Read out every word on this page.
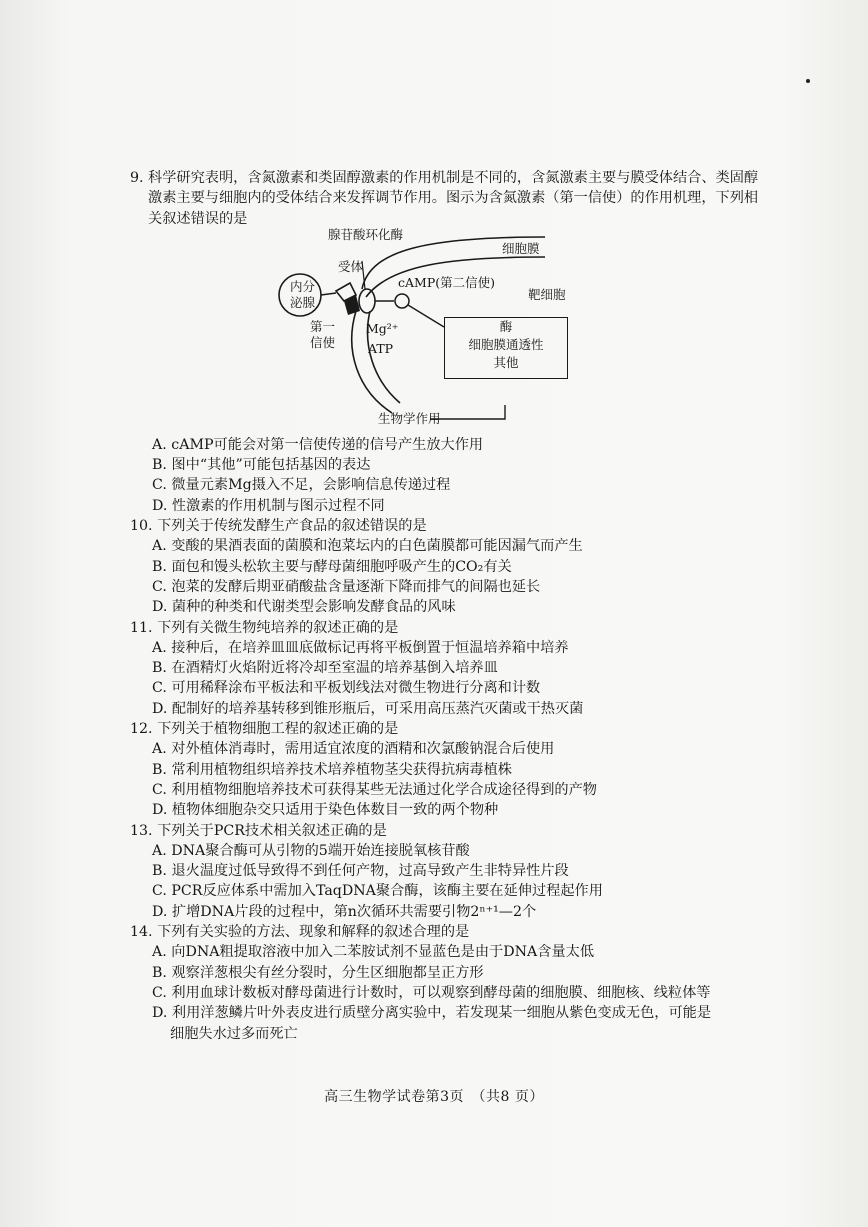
9. 科学研究表明，含氮激素和类固醇激素的作用机制是不同的，含氮激素主要与膜受体结合、类固醇激素主要与细胞内的受体结合来发挥调节作用。图示为含氮激素（第一信使）的作用机理，下列相关叙述错误的是
腺苷酸环化酶
细胞膜
受体
内分
泌腺
cAMP(第二信使)
靶细胞
第一
信使
Mg²⁺
ATP
生物学作用
酶
细胞膜通透性
其他
A. cAMP可能会对第一信使传递的信号产生放大作用
B. 图中“其他”可能包括基因的表达
C. 微量元素Mg摄入不足，会影响信息传递过程
D. 性激素的作用机制与图示过程不同
10. 下列关于传统发酵生产食品的叙述错误的是
A. 变酸的果酒表面的菌膜和泡菜坛内的白色菌膜都可能因漏气而产生
B. 面包和馒头松软主要与酵母菌细胞呼吸产生的CO₂有关
C. 泡菜的发酵后期亚硝酸盐含量逐渐下降而排气的间隔也延长
D. 菌种的种类和代谢类型会影响发酵食品的风味
11. 下列有关微生物纯培养的叙述正确的是
A. 接种后，在培养皿皿底做标记再将平板倒置于恒温培养箱中培养
B. 在酒精灯火焰附近将冷却至室温的培养基倒入培养皿
C. 可用稀释涂布平板法和平板划线法对微生物进行分离和计数
D. 配制好的培养基转移到锥形瓶后，可采用高压蒸汽灭菌或干热灭菌
12. 下列关于植物细胞工程的叙述正确的是
A. 对外植体消毒时，需用适宜浓度的酒精和次氯酸钠混合后使用
B. 常利用植物组织培养技术培养植物茎尖获得抗病毒植株
C. 利用植物细胞培养技术可获得某些无法通过化学合成途径得到的产物
D. 植物体细胞杂交只适用于染色体数目一致的两个物种
13. 下列关于PCR技术相关叙述正确的是
A. DNA聚合酶可从引物的5端开始连接脱氧核苷酸
B. 退火温度过低导致得不到任何产物，过高导致产生非特异性片段
C. PCR反应体系中需加入TaqDNA聚合酶，该酶主要在延伸过程起作用
D. 扩增DNA片段的过程中，第n次循环共需要引物2ⁿ⁺¹—2个
14. 下列有关实验的方法、现象和解释的叙述合理的是
A. 向DNA粗提取溶液中加入二苯胺试剂不显蓝色是由于DNA含量太低
B. 观察洋葱根尖有丝分裂时，分生区细胞都呈正方形
C. 利用血球计数板对酵母菌进行计数时，可以观察到酵母菌的细胞膜、细胞核、线粒体等
D. 利用洋葱鳞片叶外表皮进行质壁分离实验中，若发现某一细胞从紫色变成无色，可能是
细胞失水过多而死亡
高三生物学试卷第3页　（共8 页）
